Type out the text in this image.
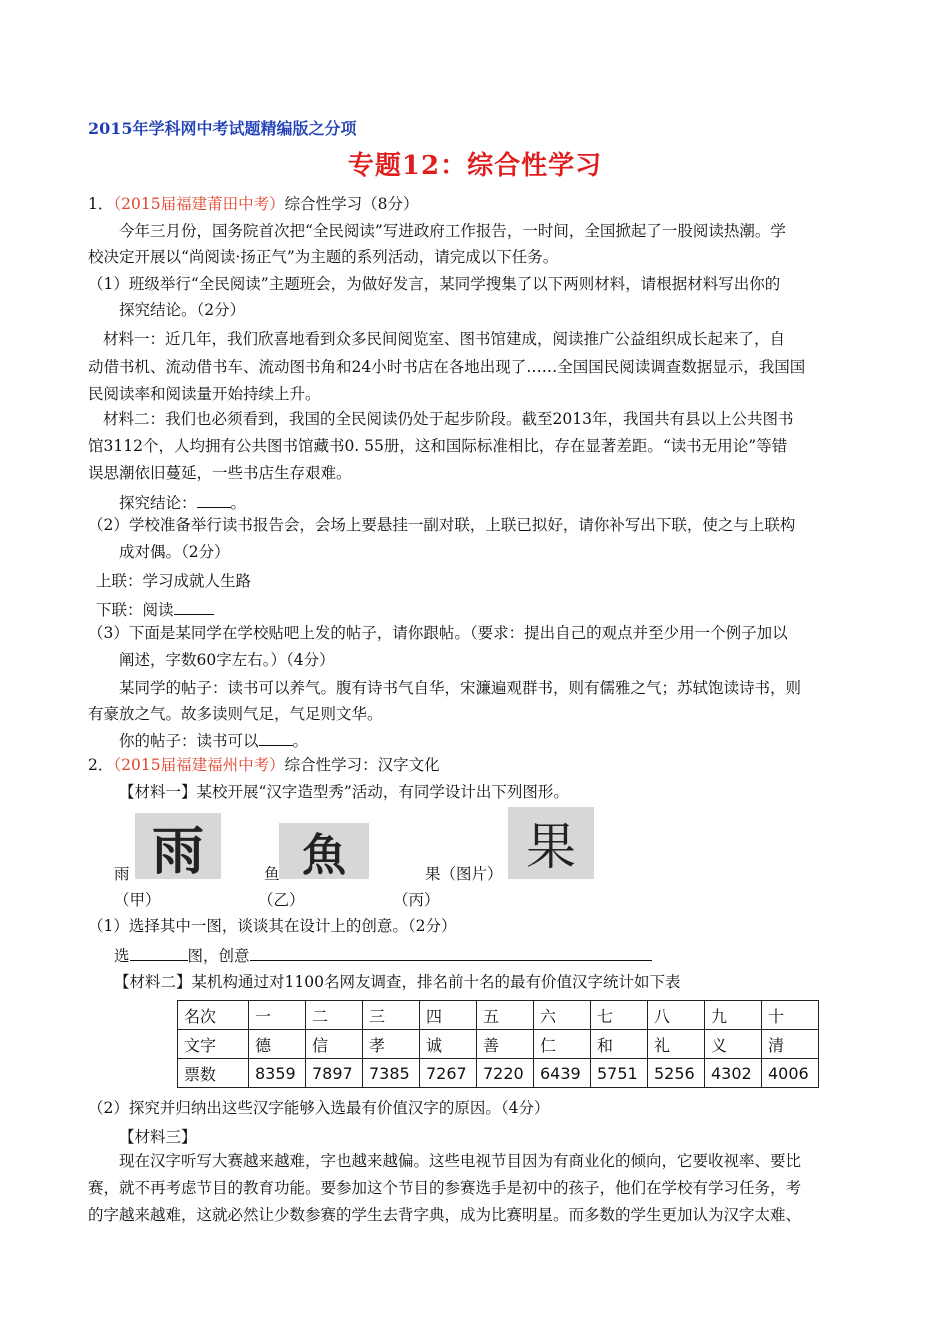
2015年学科网中考试题精编版之分项
专题12：综合性学习
1．（2015届福建莆田中考）综合性学习（8分）
今年三月份，国务院首次把“全民阅读”写进政府工作报告，一时间，全国掀起了一股阅读热潮。学
校决定开展以“尚阅读·扬正气”为主题的系列活动，请完成以下任务。
（1）班级举行“全民阅读”主题班会，为做好发言，某同学搜集了以下两则材料，请根据材料写出你的
探究结论。（2分）
材料一：近几年，我们欣喜地看到众多民间阅览室、图书馆建成，阅读推广公益组织成长起来了，自
动借书机、流动借书车、流动图书角和24小时书店在各地出现了……全国国民阅读调查数据显示，我国国
民阅读率和阅读量开始持续上升。
材料二：我们也必须看到，我国的全民阅读仍处于起步阶段。截至2013年，我国共有县以上公共图书
馆3112个，人均拥有公共图书馆藏书0. 55册，这和国际标准相比，存在显著差距。“读书无用论”等错
误思潮依旧蔓延，一些书店生存艰难。
探究结论： 。
（2）学校准备举行读书报告会，会场上要悬挂一副对联，上联已拟好，请你补写出下联，使之与上联构
成对偶。（2分）
上联：学习成就人生路
下联：阅读
（3）下面是某同学在学校贴吧上发的帖子，请你跟帖。（要求：提出自己的观点并至少用一个例子加以
阐述，字数60字左右。）（4分）
某同学的帖子：读书可以养气。腹有诗书气自华，宋濂遍观群书，则有儒雅之气；苏轼饱读诗书，则
有豪放之气。故多读则气足，气足则文华。
你的帖子：读书可以 。
2．（2015届福建福州中考）综合性学习：汉字文化
【材料一】某校开展“汉字造型秀”活动，有同学设计出下列图形。
雨 魚	果
雨	鱼	果（图片）
（甲）	（乙）	（丙）
（1）选择其中一图，谈谈其在设计上的创意。（2分）
选	图，创意
【材料二】某机构通过对1100名网友调查，排名前十名的最有价值汉字统计如下表
名次	一	二	三	四	五	六	七	八	九	十
文字	德	信	孝	诚	善	仁	和	礼	义	清
票数	8359	7897	7385	7267	7220	6439	5751	5256	4302	4006
（2）探究并归纳出这些汉字能够入选最有价值汉字的原因。（4分）
【材料三】
现在汉字听写大赛越来越难，字也越来越偏。这些电视节目因为有商业化的倾向，它要收视率、要比
赛，就不再考虑节目的教育功能。要参加这个节目的参赛选手是初中的孩子，他们在学校有学习任务，考
的字越来越难，这就必然让少数参赛的学生去背字典，成为比赛明星。而多数的学生更加认为汉字太难、
